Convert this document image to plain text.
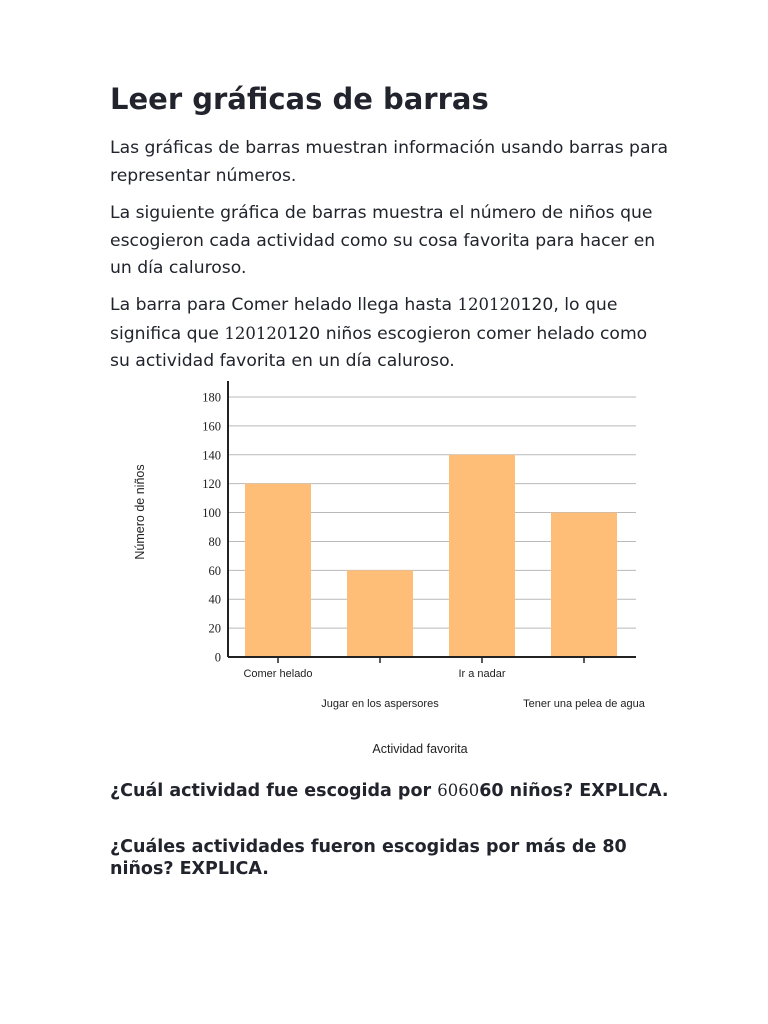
Leer gráficas de barras

Las gráficas de barras muestran información usando barras para representar números.

La siguiente gráfica de barras muestra el número de niños que escogieron cada actividad como su cosa favorita para hacer en un día caluroso.

La barra para Comer helado llega hasta 120120120, lo que significa que 120120120 niños escogieron comer helado como su actividad favorita en un día caluroso.

0
20
40
60
80
100
120
140
160
180
Comer helado
Jugar en los aspersores
Ir a nadar
Tener una pelea de agua
Número de niños
Actividad favorita

¿Cuál actividad fue escogida por 606060 niños? EXPLICA.

¿Cuáles actividades fueron escogidas por más de 80 niños? EXPLICA.
